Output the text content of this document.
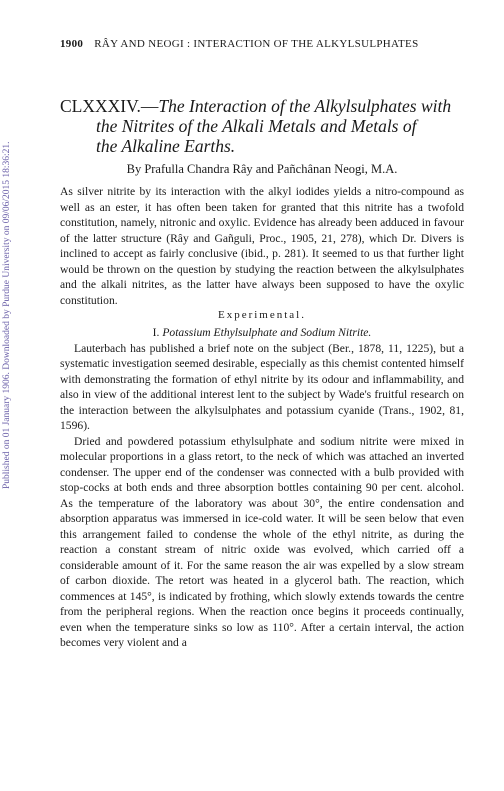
Published on 01 January 1906. Downloaded by Purdue University on 09/06/2015 18:36:21.
1900 RÂY AND NEOGI : INTERACTION OF THE ALKYLSULPHATES
CLXXXIV.—The Interaction of the Alkylsulphates with
the Nitrites of the Alkali Metals and Metals of
the Alkaline Earths.
By Prafulla Chandra Rây and Pañchânan Neogi, M.A.

As silver nitrite by its interaction with the alkyl iodides yields a nitro-compound as well as an ester, it has often been taken for granted that this nitrite has a twofold constitution, namely, nitronic and oxylic. Evidence has already been adduced in favour of the latter structure (Rây and Gañguli, Proc., 1905, 21, 278), which Dr. Divers is inclined to accept as fairly conclusive (ibid., p. 281). It seemed to us that further light would be thrown on the question by studying the reaction between the alkylsulphates and the alkali nitrites, as the latter have always been supposed to have the oxylic constitution.

Experimental.
I. Potassium Ethylsulphate and Sodium Nitrite.

Lauterbach has published a brief note on the subject (Ber., 1878, 11, 1225), but a systematic investigation seemed desirable, especially as this chemist contented himself with demonstrating the formation of ethyl nitrite by its odour and inflammability, and also in view of the additional interest lent to the subject by Wade's fruitful research on the interaction between the alkylsulphates and potassium cyanide (Trans., 1902, 81, 1596).

Dried and powdered potassium ethylsulphate and sodium nitrite were mixed in molecular proportions in a glass retort, to the neck of which was attached an inverted condenser. The upper end of the condenser was connected with a bulb provided with stop-cocks at both ends and three absorption bottles containing 90 per cent. alcohol. As the temperature of the laboratory was about 30°, the entire condensation and absorption apparatus was immersed in ice-cold water. It will be seen below that even this arrangement failed to condense the whole of the ethyl nitrite, as during the reaction a constant stream of nitric oxide was evolved, which carried off a considerable amount of it. For the same reason the air was expelled by a slow stream of carbon dioxide. The retort was heated in a glycerol bath. The reaction, which commences at 145°, is indicated by frothing, which slowly extends towards the centre from the peripheral regions. When the reaction once begins it proceeds continually, even when the temperature sinks so low as 110°. After a certain interval, the action becomes very violent and a
